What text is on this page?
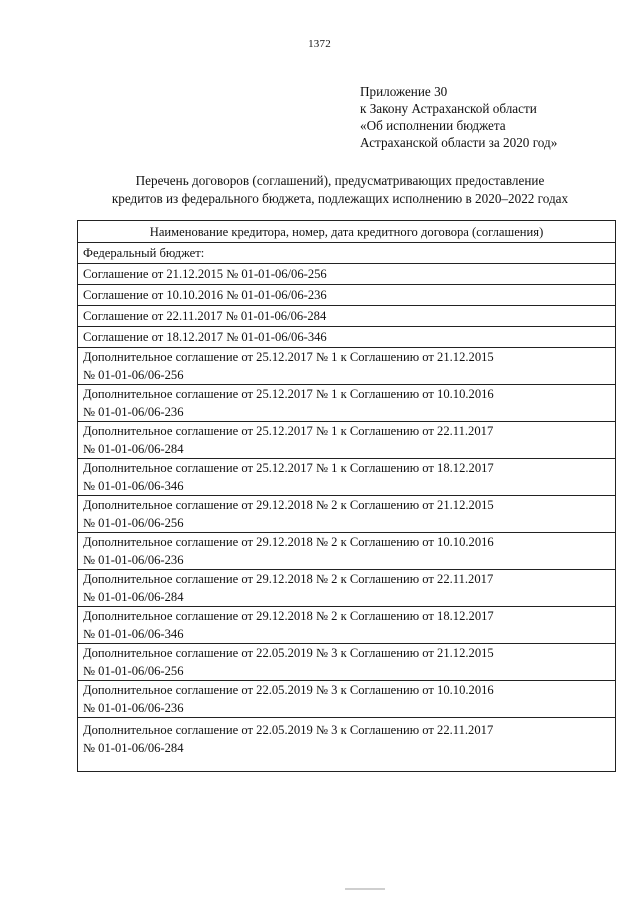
1372
Приложение 30
к Закону Астраханской области
«Об исполнении бюджета
Астраханской области за 2020 год»
Перечень договоров (соглашений), предусматривающих предоставление
кредитов из федерального бюджета, подлежащих исполнению в 2020–2022 годах
Наименование кредитора, номер, дата кредитного договора (соглашения)
Федеральный бюджет:

Соглашение от 21.12.2015 № 01-01-06/06-256

Соглашение от 10.10.2016 № 01-01-06/06-236

Соглашение от 22.11.2017 № 01-01-06/06-284

Соглашение от 18.12.2017 № 01-01-06/06-346

Дополнительное соглашение от 25.12.2017 № 1 к Соглашению от 21.12.2015
№ 01-01-06/06-256

Дополнительное соглашение от 25.12.2017 № 1 к Соглашению от 10.10.2016
№ 01-01-06/06-236

Дополнительное соглашение от 25.12.2017 № 1 к Соглашению от 22.11.2017
№ 01-01-06/06-284

Дополнительное соглашение от 25.12.2017 № 1 к Соглашению от 18.12.2017
№ 01-01-06/06-346

Дополнительное соглашение от 29.12.2018 № 2 к Соглашению от 21.12.2015
№ 01-01-06/06-256

Дополнительное соглашение от 29.12.2018 № 2 к Соглашению от 10.10.2016
№ 01-01-06/06-236

Дополнительное соглашение от 29.12.2018 № 2 к Соглашению от 22.11.2017
№ 01-01-06/06-284

Дополнительное соглашение от 29.12.2018 № 2 к Соглашению от 18.12.2017
№ 01-01-06/06-346

Дополнительное соглашение от 22.05.2019 № 3 к Соглашению от 21.12.2015
№ 01-01-06/06-256

Дополнительное соглашение от 22.05.2019 № 3 к Соглашению от 10.10.2016
№ 01-01-06/06-236

Дополнительное соглашение от 22.05.2019 № 3 к Соглашению от 22.11.2017
№ 01-01-06/06-284
